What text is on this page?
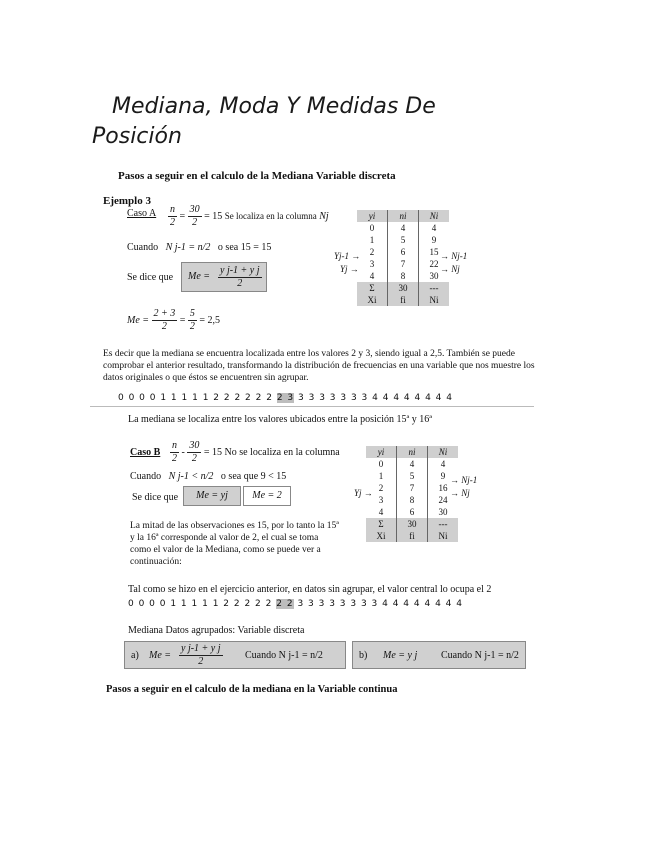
Mediana, Moda Y Medidas De
Posición
Pasos a seguir en el calculo de la Mediana Variable discreta
Ejemplo 3
Caso A $\frac{n}{2} = \frac{30}{2} = 15$ Se localiza en la columna Nj
Cuando N j-1 = n/2 o sea 15 = 15
Se dice que $Me = \frac{\text{y j-1 + y j}}{2}$
$Me = \frac{2 + 3}{2} = \frac{5}{2} = 2,5$
yi	ni	Ni
0	4	4
1	5	9
2	6	15
3	7	22
4	8	30
Σ	30	---
Xi	fi	Ni
Yj-1 →
Yj →
→ Nj-1
→ Nj
Es decir que la mediana se encuentra localizada entre los valores 2 y 3, siendo igual a 2,5. También se puede comprobar el anterior resultado, transformando la distribución de frecuencias en una variable que nos muestre los datos originales o que éstos se encuentren sin agrupar.
0 0 0 0 1 1 1 1 1 2 2 2 2 2 2 2 3 3 3 3 3 3 3 3 4 4 4 4 4 4 4 4
La mediana se localiza entre los valores ubicados entre la posición 15ª y 16ª
Caso B $\frac{n}{2} - \frac{30}{2} = 15$ No se localiza en la columna
Cuando N j-1 < n/2 o sea que 9 < 15
Se dice que	Me = yj	Me = 2
La mitad de las observaciones es 15, por lo tanto la 15ª y la 16ª corresponde al valor de 2, el cual se toma como el valor de la Mediana, como se puede ver a continuación:
yi	ni	Ni
0	4	4
1	5	9
2	7	16
3	8	24
4	6	30
Σ	30	---
Xi	fi	Ni
Yj →
→ Nj-1
→ Nj
Tal como se hizo en el ejercicio anterior, en datos sin agrupar, el valor central lo ocupa el 2
0 0 0 0 1 1 1 1 1 2 2 2 2 2 2 2 3 3 3 3 3 3 3 3 4 4 4 4 4 4 4 4
Mediana Datos agrupados: Variable discreta
a) $Me = \frac{\text{y j-1 + y j}}{2}$ Cuando N j-1 = n/2	b) Me = y j Cuando N j-1 = n/2
Pasos a seguir en el calculo de la mediana en la Variable continua
